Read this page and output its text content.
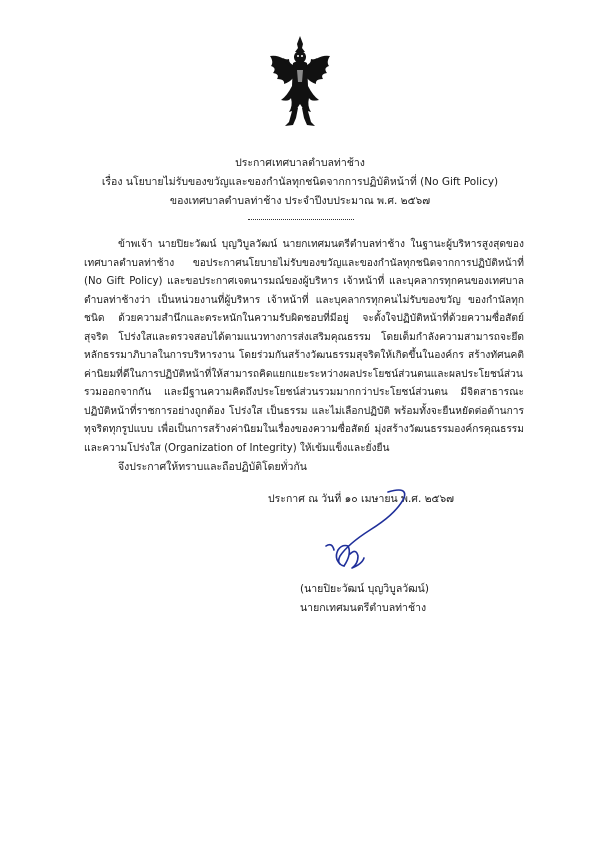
ประกาศเทศบาลตำบลท่าช้าง
เรื่อง นโยบายไม่รับของขวัญและของกำนัลทุกชนิดจากการปฏิบัติหน้าที่ (No Gift Policy)
ของเทศบาลตำบลท่าช้าง ประจำปีงบประมาณ พ.ศ. ๒๕๖๗

ข้าพเจ้า นายปิยะวัฒน์ บุญวิบูลวัฒน์ นายกเทศมนตรีตำบลท่าช้าง ในฐานะผู้บริหารสูงสุดของเทศบาลตำบลท่าช้าง ขอประกาศนโยบายไม่รับของขวัญและของกำนัลทุกชนิดจากการปฏิบัติหน้าที่ (No Gift Policy) และขอประกาศเจตนารมณ์ของผู้บริหาร เจ้าหน้าที่ และบุคลากรทุกคนของเทศบาลตำบลท่าช้างว่า เป็นหน่วยงานที่ผู้บริหาร เจ้าหน้าที่ และบุคลากรทุกคนไม่รับของขวัญ ของกำนัลทุกชนิด ด้วยความสำนึกและตระหนักในความรับผิดชอบที่มีอยู่ จะตั้งใจปฏิบัติหน้าที่ด้วยความซื่อสัตย์ สุจริต โปร่งใสและตรวจสอบได้ตามแนวทางการส่งเสริมคุณธรรม โดยเต็มกำลังความสามารถจะยึดหลักธรรมาภิบาลในการบริหารงาน โดยร่วมกันสร้างวัฒนธรรมสุจริตให้เกิดขึ้นในองค์กร สร้างทัศนคติ ค่านิยมที่ดีในการปฏิบัติหน้าที่ให้สามารถคิดแยกแยะระหว่างผลประโยชน์ส่วนตนและผลประโยชน์ส่วนรวมออกจากกัน และมีฐานความคิดถึงประโยชน์ส่วนรวมมากกว่าประโยชน์ส่วนตน มีจิตสาธารณะ ปฏิบัติหน้าที่ราชการอย่างถูกต้อง โปร่งใส เป็นธรรม และไม่เลือกปฏิบัติ พร้อมทั้งจะยืนหยัดต่อต้านการทุจริตทุกรูปแบบ เพื่อเป็นการสร้างค่านิยมในเรื่องของความซื่อสัตย์ มุ่งสร้างวัฒนธรรมองค์กรคุณธรรมและความโปร่งใส (Organization of Integrity) ให้เข้มแข็งและยั่งยืน

จึงประกาศให้ทราบและถือปฏิบัติโดยทั่วกัน
ประกาศ ณ วันที่ ๑๐ เมษายน พ.ศ. ๒๕๖๗
(นายปิยะวัฒน์ บุญวิบูลวัฒน์)
นายกเทศมนตรีตำบลท่าช้าง
